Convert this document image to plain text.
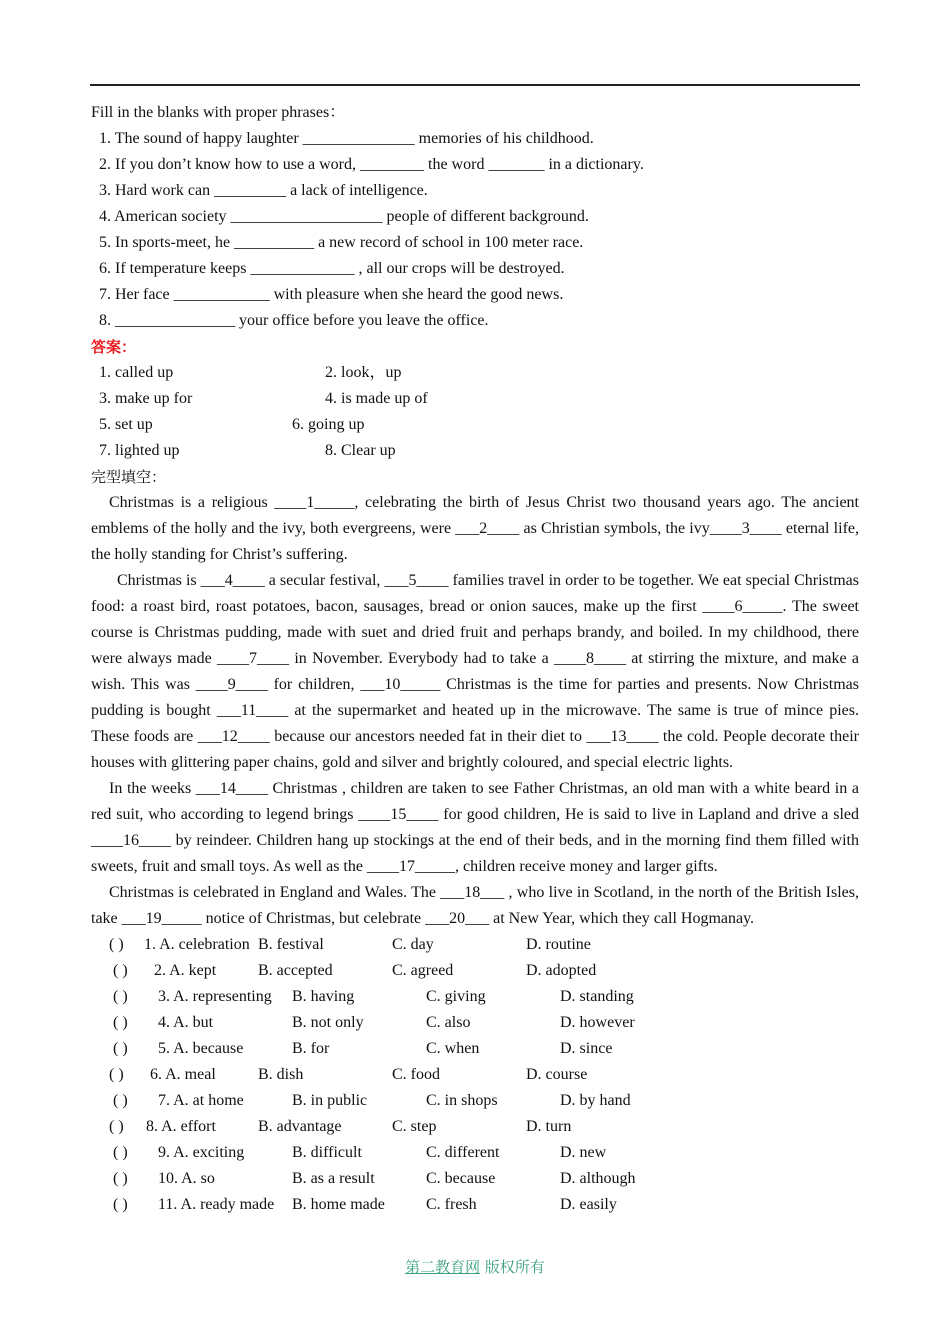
Fill in the blanks with proper phrases：
1. The sound of happy laughter ______________ memories of his childhood.
2. If you don’t know how to use a word, ________ the word _______ in a dictionary.
3. Hard work can _________ a lack of intelligence.
4. American society ___________________ people of different background.
5. In sports-meet, he __________ a new record of school in 100 meter race.
6. If temperature keeps _____________ , all our crops will be destroyed.
7. Her face ____________ with pleasure when she heard the good news.
8. _______________ your office before you leave the office.
答案：
1. called up	2. look，up
3. make up for	4. is made up of
5. set up	6. going up
7. lighted up	8. Clear up
完型填空：

Christmas is a religious ____1_____, celebrating the birth of Jesus Christ two thousand years ago. The ancient emblems of the holly and the ivy, both evergreens, were ___2____ as Christian symbols, the ivy____3____ eternal life, the holly standing for Christ’s suffering.

Christmas is ___4____ a secular festival, ___5____ families travel in order to be together. We eat special Christmas food: a roast bird, roast potatoes, bacon, sausages, bread or onion sauces, make up the first ____6_____. The sweet course is Christmas pudding, made with suet and dried fruit and perhaps brandy, and boiled. In my childhood, there were always made ____7____ in November. Everybody had to take a ____8____ at stirring the mixture, and make a wish. This was ____9____ for children, ___10_____ Christmas is the time for parties and presents. Now Christmas pudding is bought ___11____ at the supermarket and heated up in the microwave. The same is true of mince pies. These foods are ___12____ because our ancestors needed fat in their diet to ___13____ the cold. People decorate their houses with glittering paper chains, gold and silver and brightly coloured, and special electric lights.

In the weeks ___14____ Christmas , children are taken to see Father Christmas, an old man with a white beard in a red suit, who according to legend brings ____15____ for good children, He is said to live in Lapland and drive a sled ____16____ by reindeer. Children hang up stockings at the end of their beds, and in the morning find them filled with sweets, fruit and small toys. As well as the ____17_____, children receive money and larger gifts.

Christmas is celebrated in England and Wales. The ___18___ , who live in Scotland, in the north of the British Isles, take ___19_____ notice of Christmas, but celebrate ___20___ at New Year, which they call Hogmanay.

( ) 1. A. celebration B. festival	C. day	D. routine
( ) 2. A. kept	B. accepted	C. agreed	D. adopted
( ) 3. A. representing B. having	C. giving	D. standing
( ) 4. A. but	B. not only	C. also	D. however
( ) 5. A. because	B. for	C. when	D. since
( ) 6. A. meal	B. dish	C. food	D. course
( ) 7. A. at home	B. in public	C. in shops	D. by hand
( ) 8. A. effort	B. advantage	C. step	D. turn
( ) 9. A. exciting	B. difficult	C. different	D. new
( ) 10. A. so	B. as a result	C. because	D. although
( ) 11. A. ready made B. home made	C. fresh	D. easily
第二教育网 版权所有
